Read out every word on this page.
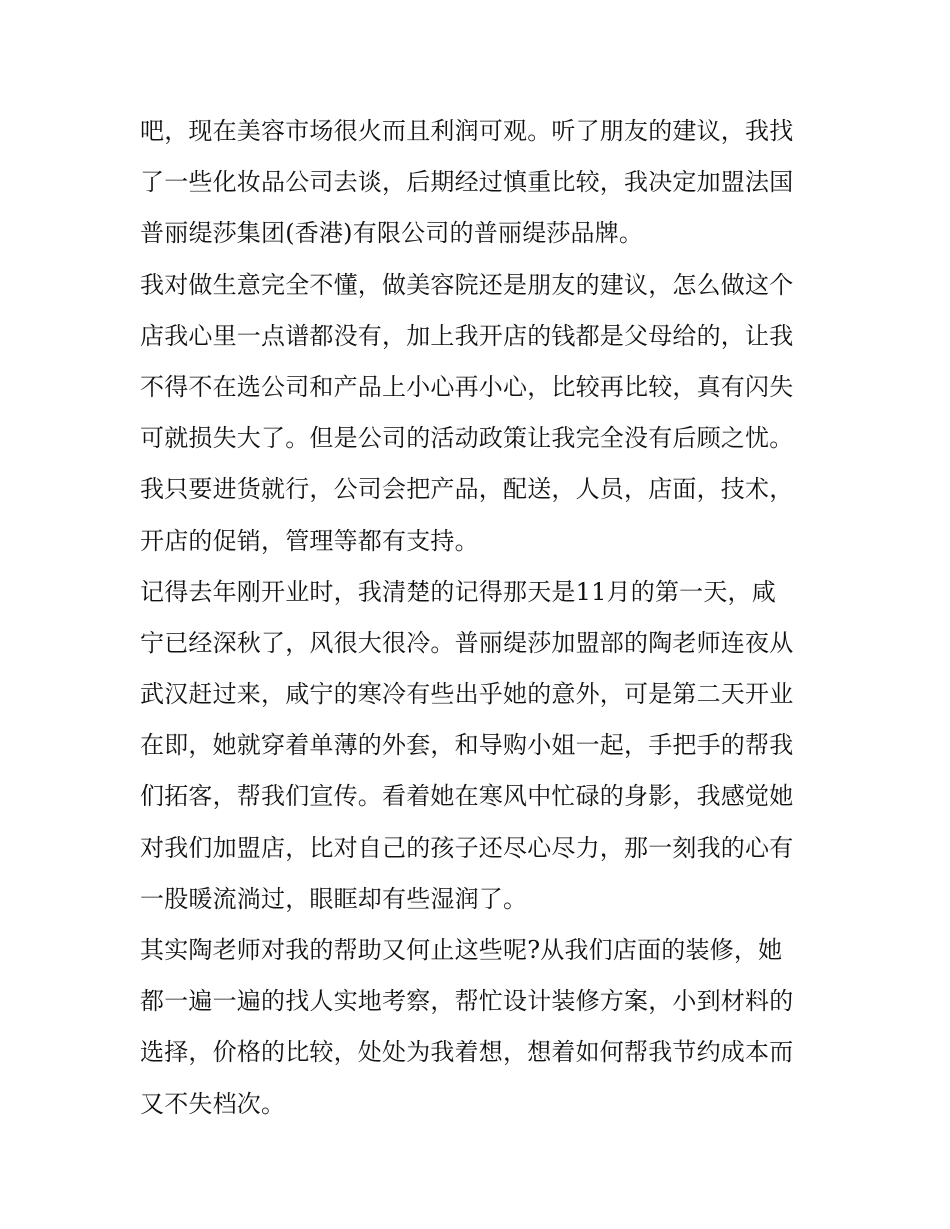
吧，现在美容市场很火而且利润可观。听了朋友的建议，我找
了一些化妆品公司去谈，后期经过慎重比较，我决定加盟法国
普丽缇莎集团(香港)有限公司的普丽缇莎品牌。
我对做生意完全不懂，做美容院还是朋友的建议，怎么做这个
店我心里一点谱都没有，加上我开店的钱都是父母给的，让我
不得不在选公司和产品上小心再小心，比较再比较，真有闪失
可就损失大了。但是公司的活动政策让我完全没有后顾之忧。
我只要进货就行，公司会把产品，配送，人员，店面，技术，
开店的促销，管理等都有支持。
记得去年刚开业时，我清楚的记得那天是11月的第一天，咸
宁已经深秋了，风很大很冷。普丽缇莎加盟部的陶老师连夜从
武汉赶过来，咸宁的寒冷有些出乎她的意外，可是第二天开业
在即，她就穿着单薄的外套，和导购小姐一起，手把手的帮我
们拓客，帮我们宣传。看着她在寒风中忙碌的身影，我感觉她
对我们加盟店，比对自己的孩子还尽心尽力，那一刻我的心有
一股暖流淌过，眼眶却有些湿润了。
其实陶老师对我的帮助又何止这些呢?从我们店面的装修，她
都一遍一遍的找人实地考察，帮忙设计装修方案，小到材料的
选择，价格的比较，处处为我着想，想着如何帮我节约成本而
又不失档次。
